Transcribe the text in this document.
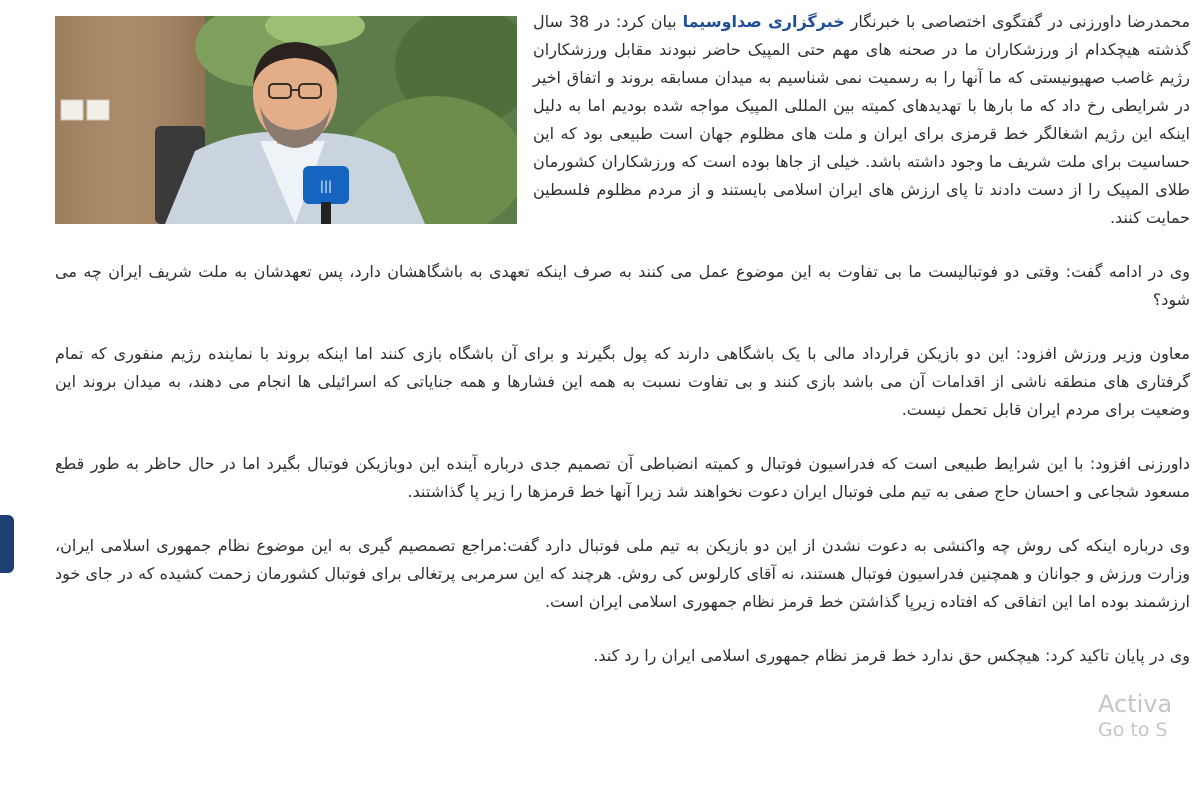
|||

محمدرضا داورزنی در گفتگوی اختصاصی با خبرنگار خبرگزاری صداوسیما بیان کرد: در 38 سال گذشته هیچکدام از ورزشکاران ما در صحنه های مهم حتی المپیک حاضر نبودند مقابل ورزشکاران رژیم غاصب صهیونیستی که ما آنها را به رسمیت نمی شناسیم به میدان مسابقه بروند و اتفاق اخیر در شرایطی رخ داد که ما بارها با تهدیدهای کمیته بین المللی المپیک مواجه شده بودیم اما به دلیل اینکه این رژیم اشغالگر خط قرمزی برای ایران و ملت های مظلوم جهان است طبیعی بود که این حساسیت برای ملت شریف ما وجود داشته باشد. خیلی از جاها بوده است که ورزشکاران کشورمان طلای المپیک را از دست دادند تا پای ارزش های ایران اسلامی بایستند و از مردم مظلوم فلسطین حمایت کنند.

وی در ادامه گفت: وقتی دو فوتبالیست ما بی تفاوت به این موضوع عمل می کنند به صرف اینکه تعهدی به باشگاهشان دارد، پس تعهدشان به ملت شریف ایران چه می شود؟

معاون وزیر ورزش افزود: این دو بازیکن قرارداد مالی با یک باشگاهی دارند که پول بگیرند و برای آن باشگاه بازی کنند اما اینکه بروند با نماینده رژیم منفوری که تمام گرفتاری های منطقه ناشی از اقدامات آن می باشد بازی کنند و بی تفاوت نسبت به همه این فشارها و همه جنایاتی که اسرائیلی ها انجام می دهند، به میدان بروند این وضعیت برای مردم ایران قابل تحمل نیست.

داورزنی افزود: با این شرایط طبیعی است که فدراسیون فوتبال و کمیته انضباطی آن تصمیم جدی درباره آینده این دوبازیکن فوتبال بگیرد اما در حال حاظر به طور قطع مسعود شجاعی و احسان حاج صفی به تیم ملی فوتبال ایران دعوت نخواهند شد زیرا آنها خط قرمزها را زیر پا گذاشتند.

وی درباره اینکه کی روش چه واکنشی به دعوت نشدن از این دو بازیکن به تیم ملی فوتبال دارد گفت:مراجع تصمصیم گیری به این موضوع نظام جمهوری اسلامی ایران، وزارت ورزش و جوانان و همچنین فدراسیون فوتبال هستند، نه آقای کارلوس کی روش. هرچند که این سرمربی پرتغالی برای فوتبال کشورمان زحمت کشیده که در جای خود ارزشمند بوده اما این اتفاقی که افتاده زیرپا گذاشتن خط قرمز نظام جمهوری اسلامی ایران است.

وی در پایان تاکید کرد: هیچکس حق ندارد خط قرمز نظام جمهوری اسلامی ایران را رد کند.

Activa
Go to S
